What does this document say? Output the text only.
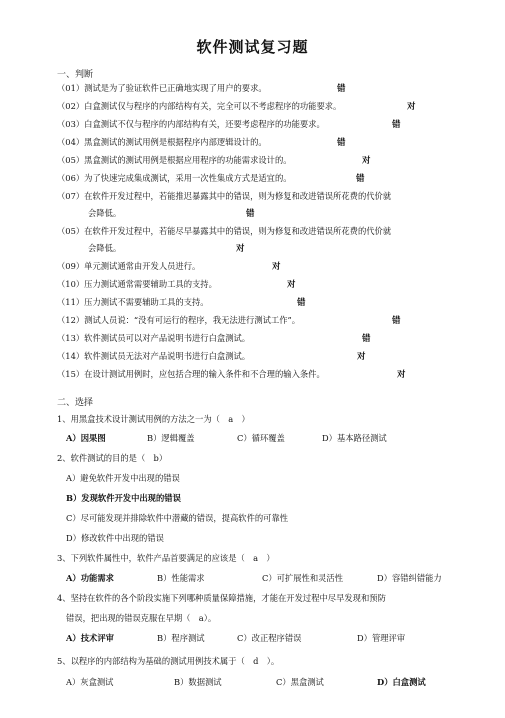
软件测试复习题
一、判断
（01）测试是为了验证软件已正确地实现了用户的要求。	错
（02）白盒测试仅与程序的内部结构有关，完全可以不考虑程序的功能要求。	对
（03）白盒测试不仅与程序的内部结构有关，还要考虑程序的功能要求。	错
（04）黑盒测试的测试用例是根据程序内部逻辑设计的。	错
（05）黑盒测试的测试用例是根据应用程序的功能需求设计的。	对
（06）为了快速完成集成测试，采用一次性集成方式是适宜的。	错
（07）在软件开发过程中，若能推迟暴露其中的错误，则为修复和改进错误所花费的代价就
会降低。	错
（05）在软件开发过程中，若能尽早暴露其中的错误，则为修复和改进错误所花费的代价就
会降低。	对
（09）单元测试通常由开发人员进行。	对
（10）压力测试通常需要辅助工具的支持。	对
（11）压力测试不需要辅助工具的支持。	错
（12）测试人员说：“没有可运行的程序，我无法进行测试工作”。	错
（13）软件测试员可以对产品说明书进行白盒测试。	错
（14）软件测试员无法对产品说明书进行白盒测试。	对
（15）在设计测试用例时，应包括合理的输入条件和不合理的输入条件。	对
二、选择
1、用黑盒技术设计测试用例的方法之一为（　a　）
A）因果图	B）逻辑覆盖	C）循环覆盖	D）基本路径测试
2、软件测试的目的是（　b）
A）避免软件开发中出现的错误
B）发现软件开发中出现的错误
C）尽可能发现并排除软件中潜藏的错误，提高软件的可靠性
D）修改软件中出现的错误
3、下列软件属性中，软件产品首要满足的应该是（　a　）
A）功能需求	B）性能需求	C）可扩展性和灵活性	D）容错纠错能力
4、坚持在软件的各个阶段实施下列哪种质量保障措施，才能在开发过程中尽早发现和预防
错误，把出现的错误克服在早期（　a）。
A）技术评审	B）程序测试	C）改正程序错误	D）管理评审
5、以程序的内部结构为基础的测试用例技术属于（　d　）。
A）灰盒测试	B）数据测试	C）黑盒测试	D）白盒测试
